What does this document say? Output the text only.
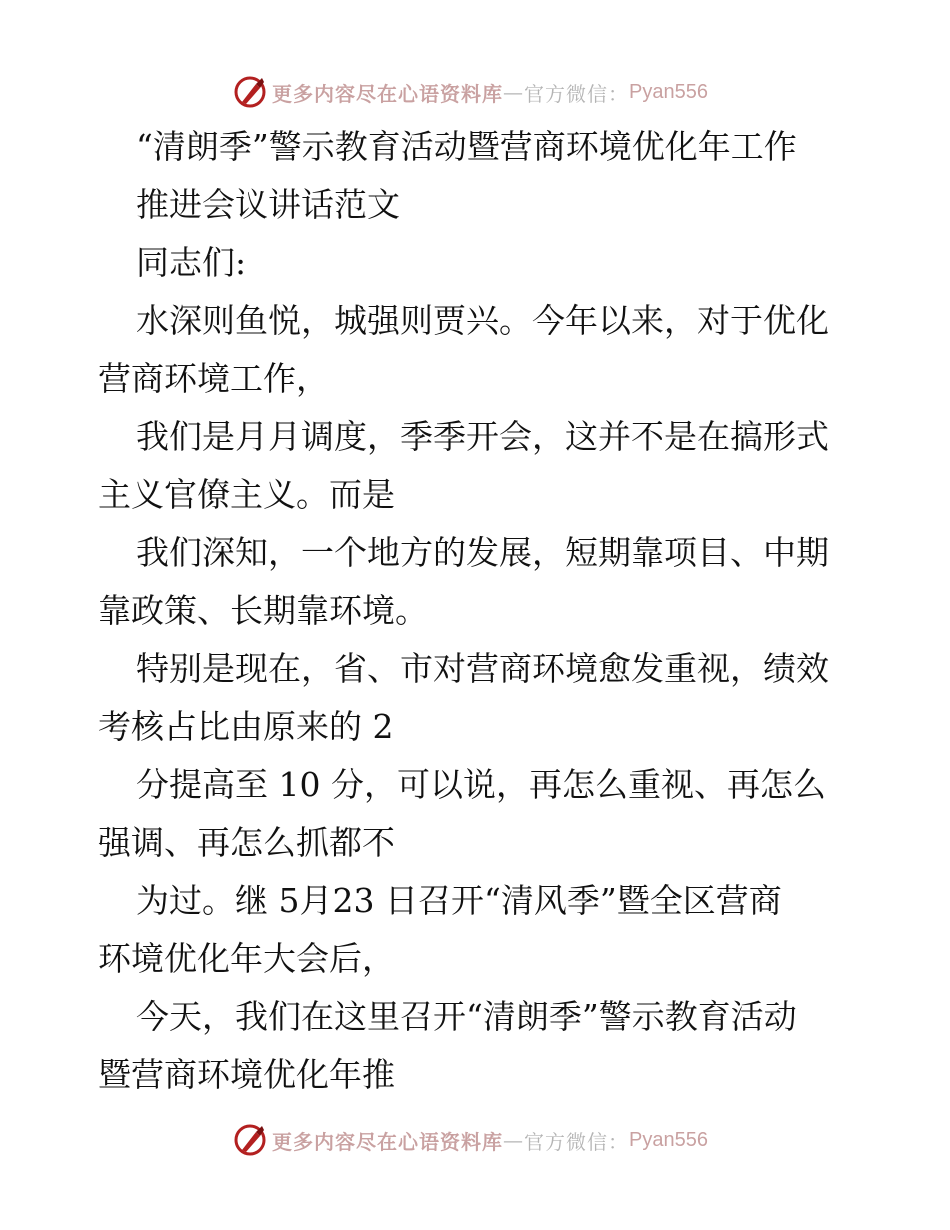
更多内容尽在心语资料库 — 官方微信： Pyan556
“清朗季”警示教育活动暨营商环境优化年工作
推进会议讲话范文
同志们:
水深则鱼悦，城强则贾兴。今年以来，对于优化
营商环境工作，
我们是月月调度，季季开会，这并不是在搞形式
主义官僚主义。而是
我们深知，一个地方的发展，短期靠项目、中期
靠政策、长期靠环境。
特别是现在，省、市对营商环境愈发重视，绩效
考核占比由原来的 2
分提高至 10 分，可以说，再怎么重视、再怎么
强调、再怎么抓都不
为过。继 5月23 日召开“清风季”暨全区营商
环境优化年大会后，
今天，我们在这里召开“清朗季”警示教育活动
暨营商环境优化年推
更多内容尽在心语资料库 — 官方微信： Pyan556
